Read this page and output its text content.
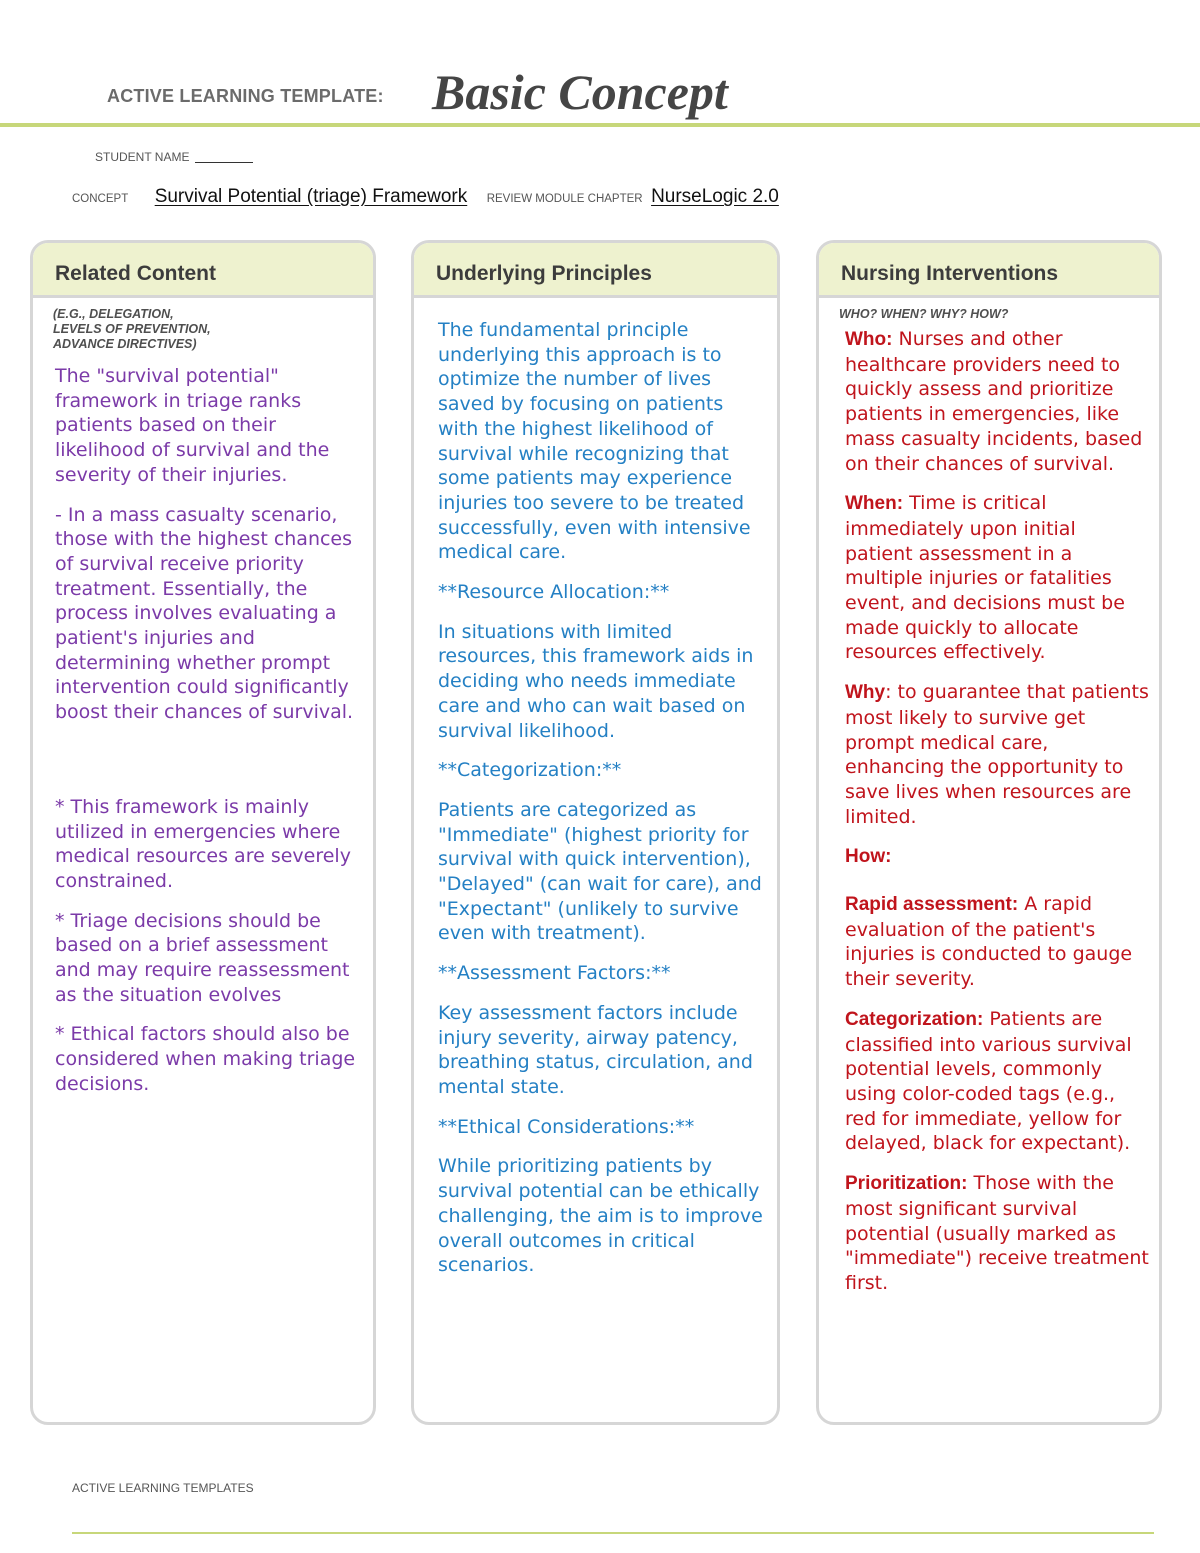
ACTIVE LEARNING TEMPLATE: Basic Concept
STUDENT NAME
CONCEPT Survival Potential (triage) Framework REVIEW MODULE CHAPTER NurseLogic 2.0
Related Content
(E.G., DELEGATION,
LEVELS OF PREVENTION,
ADVANCE DIRECTIVES)

The "survival potential" framework in triage ranks patients based on their likelihood of survival and the severity of their injuries.

- In a mass casualty scenario, those with the highest chances of survival receive priority treatment. Essentially, the process involves evaluating a patient's injuries and determining whether prompt intervention could significantly boost their chances of survival.

* This framework is mainly utilized in emergencies where medical resources are severely constrained.

* Triage decisions should be based on a brief assessment and may require reassessment as the situation evolves

* Ethical factors should also be considered when making triage decisions.

Underlying Principles

The fundamental principle underlying this approach is to optimize the number of lives saved by focusing on patients with the highest likelihood of survival while recognizing that some patients may experience injuries too severe to be treated successfully, even with intensive medical care.

**Resource Allocation:**

In situations with limited resources, this framework aids in deciding who needs immediate care and who can wait based on survival likelihood.

**Categorization:**

Patients are categorized as "Immediate" (highest priority for survival with quick intervention), "Delayed" (can wait for care), and "Expectant" (unlikely to survive even with treatment).

**Assessment Factors:**

Key assessment factors include injury severity, airway patency, breathing status, circulation, and mental state.

**Ethical Considerations:**

While prioritizing patients by survival potential can be ethically challenging, the aim is to improve overall outcomes in critical scenarios.

Nursing Interventions
WHO? WHEN? WHY? HOW?

Who: Nurses and other healthcare providers need to quickly assess and prioritize patients in emergencies, like mass casualty incidents, based on their chances of survival.

When: Time is critical immediately upon initial patient assessment in a multiple injuries or fatalities event, and decisions must be made quickly to allocate resources effectively.

Why: to guarantee that patients most likely to survive get prompt medical care, enhancing the opportunity to save lives when resources are limited.

How:

Rapid assessment: A rapid evaluation of the patient's injuries is conducted to gauge their severity.

Categorization: Patients are classified into various survival potential levels, commonly using color-coded tags (e.g., red for immediate, yellow for delayed, black for expectant).

Prioritization: Those with the most significant survival potential (usually marked as "immediate") receive treatment first.

ACTIVE LEARNING TEMPLATES
